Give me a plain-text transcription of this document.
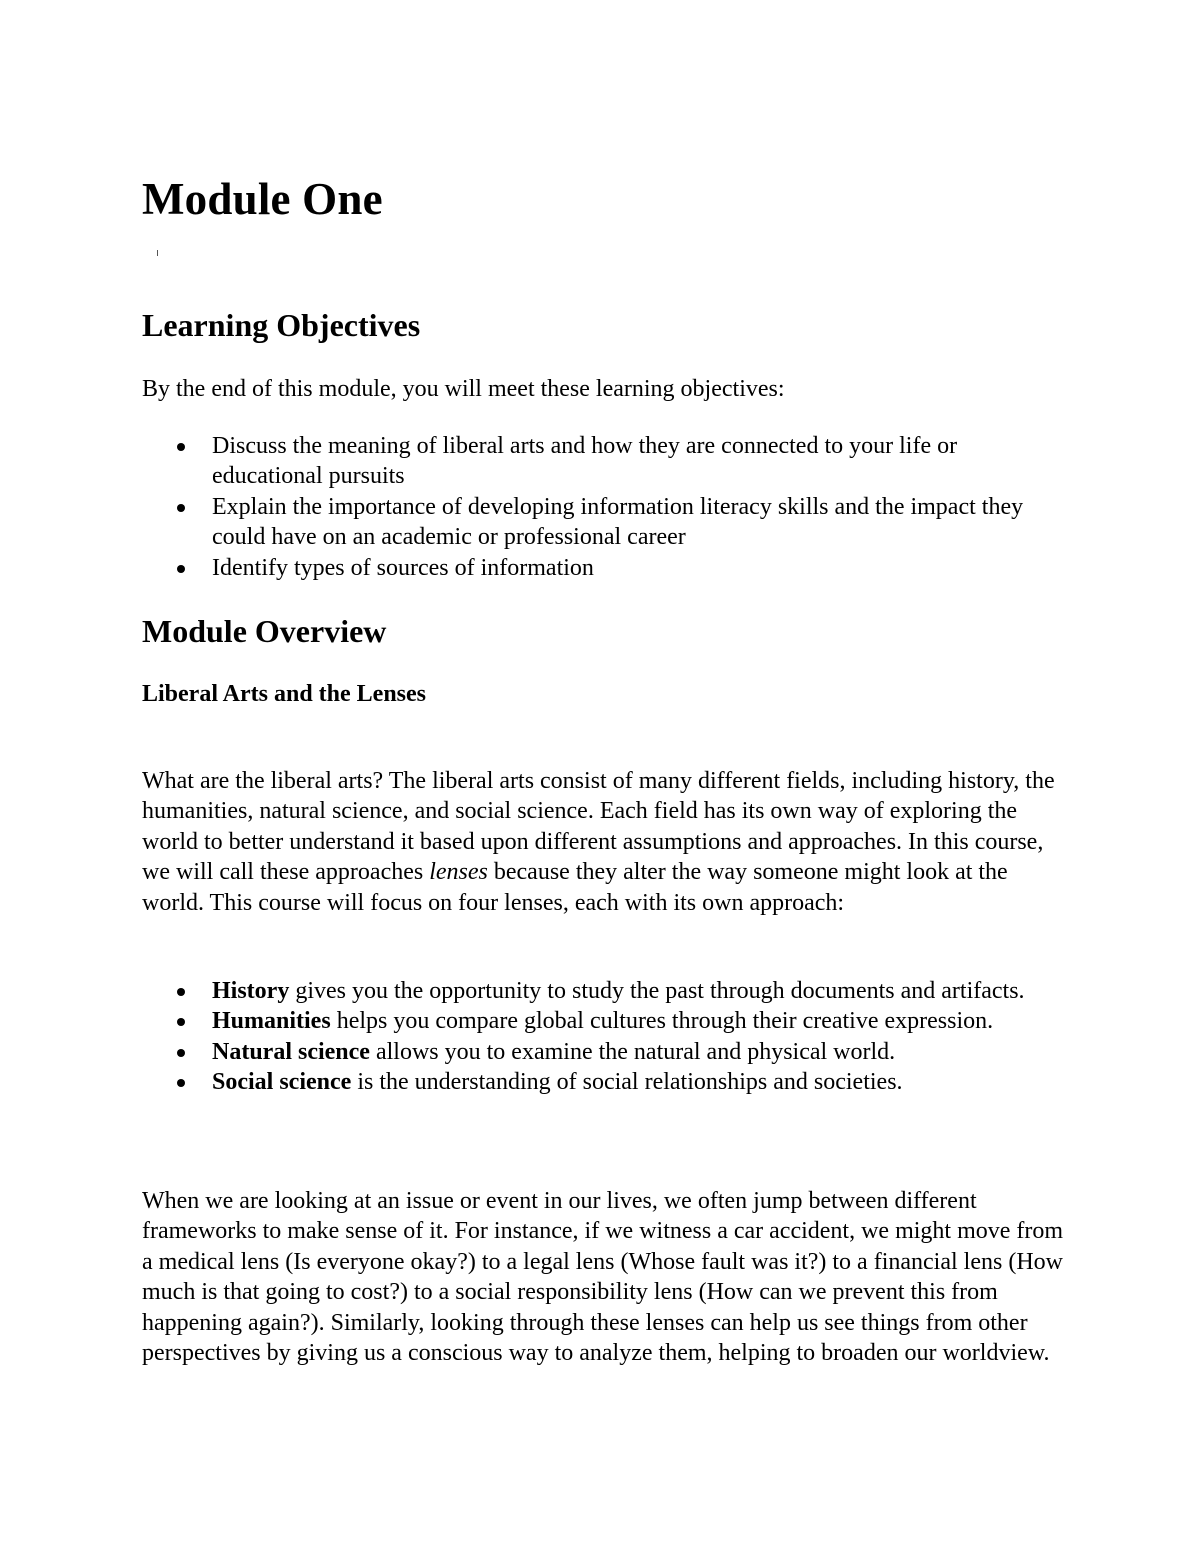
Module One
Learning Objectives

By the end of this module, you will meet these learning objectives:

Discuss the meaning of liberal arts and how they are connected to your life or educational pursuits
Explain the importance of developing information literacy skills and the impact they could have on an academic or professional career
Identify types of sources of information
Module Overview
Liberal Arts and the Lenses

What are the liberal arts? The liberal arts consist of many different fields, including history, the humanities, natural science, and social science. Each field has its own way of exploring the world to better understand it based upon different assumptions and approaches. In this course, we will call these approaches lenses because they alter the way someone might look at the world. This course will focus on four lenses, each with its own approach:

History gives you the opportunity to study the past through documents and artifacts.
Humanities helps you compare global cultures through their creative expression.
Natural science allows you to examine the natural and physical world.
Social science is the understanding of social relationships and societies.

When we are looking at an issue or event in our lives, we often jump between different frameworks to make sense of it. For instance, if we witness a car accident, we might move from a medical lens (Is everyone okay?) to a legal lens (Whose fault was it?) to a financial lens (How much is that going to cost?) to a social responsibility lens (How can we prevent this from happening again?). Similarly, looking through these lenses can help us see things from other perspectives by giving us a conscious way to analyze them, helping to broaden our worldview.
